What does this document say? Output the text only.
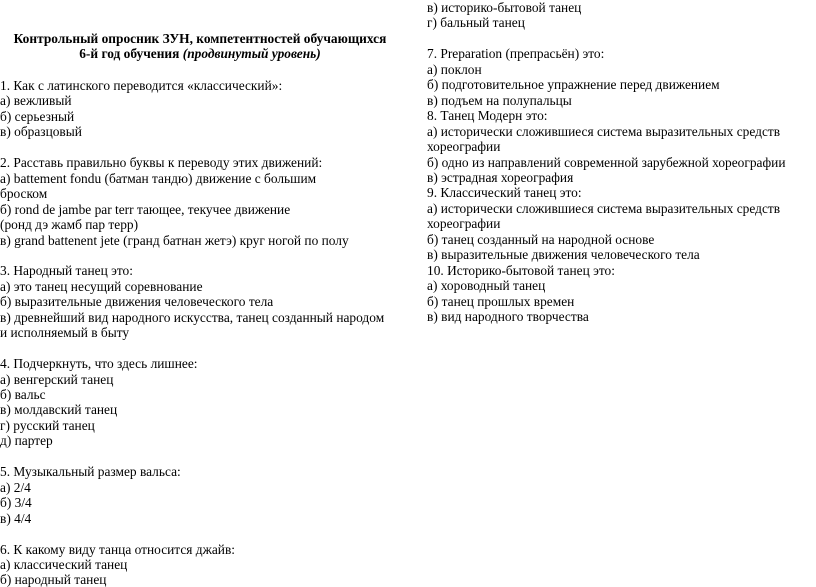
Контрольный опросник ЗУН, компетентностей обучающихся
6-й год обучения (продвинутый уровень)
1. Как с латинского переводится «классический»:
а) вежливый
б) серьезный
в) образцовый
2. Расставь правильно буквы к переводу этих движений:
а) battement fondu (батман тандю) движение с большим
броском
б) rond de jambe par terr тающее, текучее движение
(ронд дэ жамб пар терр)
в) grand battenent jete (гранд батнан жетэ) круг ногой по полу
3. Народный танец это:
а) это танец несущий соревнование
б) выразительные движения человеческого тела
в) древнейший вид народного искусства, танец созданный народом
и исполняемый в быту
4. Подчеркнуть, что здесь лишнее:
а) венгерский танец
б) вальс
в) молдавский танец
г) русский танец
д) партер
5. Музыкальный размер вальса:
а) 2/4
б) 3/4
в) 4/4
6. К какому виду танца относится джайв:
а) классический танец
б) народный танец
в) историко-бытовой танец
г) бальный танец
7. Preparation (препрасьён) это:
а) поклон
б) подготовительное упражнение перед движением
в) подъем на полупальцы
8. Танец Модерн это:
а) исторически сложившиеся система выразительных средств
хореографии
б) одно из направлений современной зарубежной хореографии
в) эстрадная хореография
9. Классический танец это:
а) исторически сложившиеся система выразительных средств
хореографии
б) танец созданный на народной основе
в) выразительные движения человеческого тела
10. Историко-бытовой танец это:
а) хороводный танец
б) танец прошлых времен
в) вид народного творчества
